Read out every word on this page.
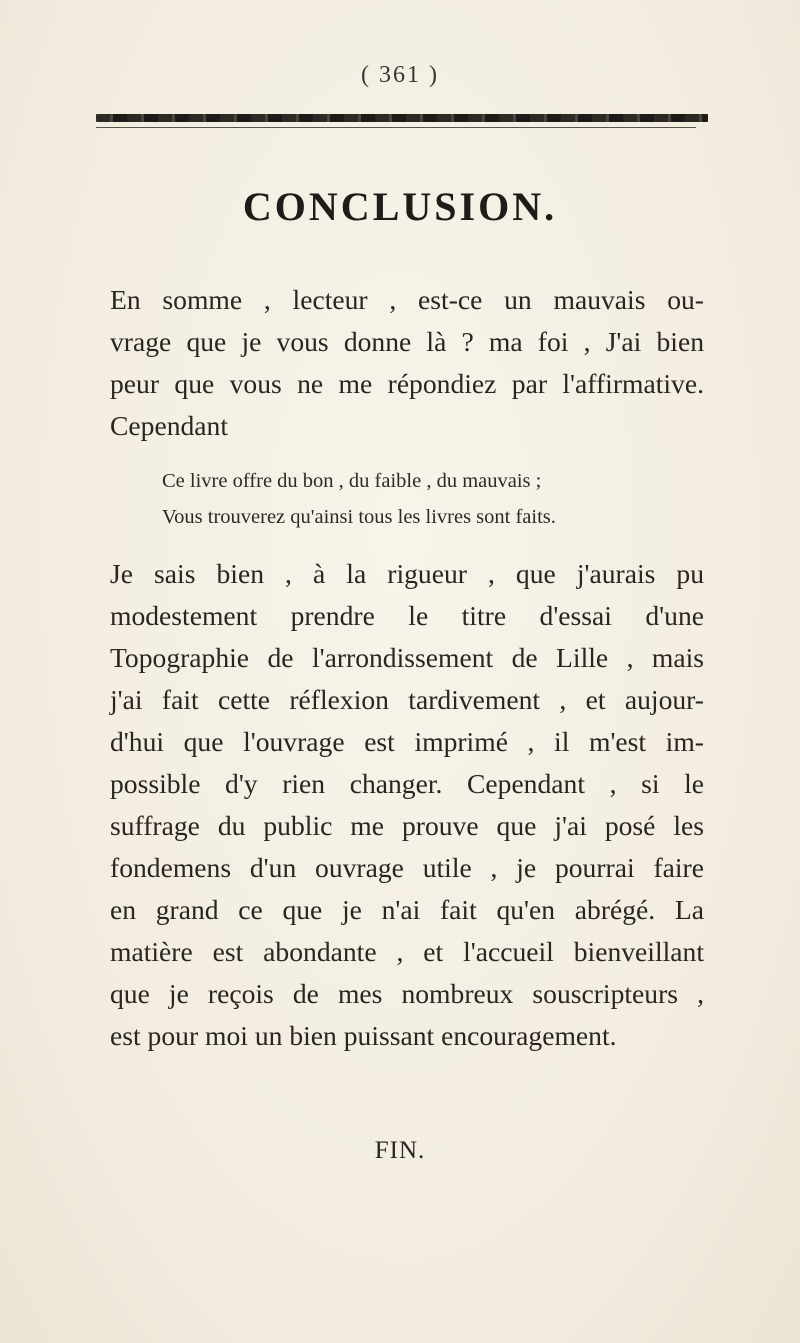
( 361 )
CONCLUSION.
En somme , lecteur , est-ce un mauvais ou-
vrage que je vous donne là ? ma foi , J'ai bien
peur que vous ne me répondiez par l'affirmative.
Cependant
Ce livre offre du bon , du faible , du mauvais ;
Vous trouverez qu'ainsi tous les livres sont faits.
Je sais bien , à la rigueur , que j'aurais pu
modestement prendre le titre d'essai d'une
Topographie de l'arrondissement de Lille , mais
j'ai fait cette réflexion tardivement , et aujour-
d'hui que l'ouvrage est imprimé , il m'est im-
possible d'y rien changer. Cependant , si le
suffrage du public me prouve que j'ai posé les
fondemens d'un ouvrage utile , je pourrai faire
en grand ce que je n'ai fait qu'en abrégé. La
matière est abondante , et l'accueil bienveillant
que je reçois de mes nombreux souscripteurs ,
est pour moi un bien puissant encouragement.
FIN.
